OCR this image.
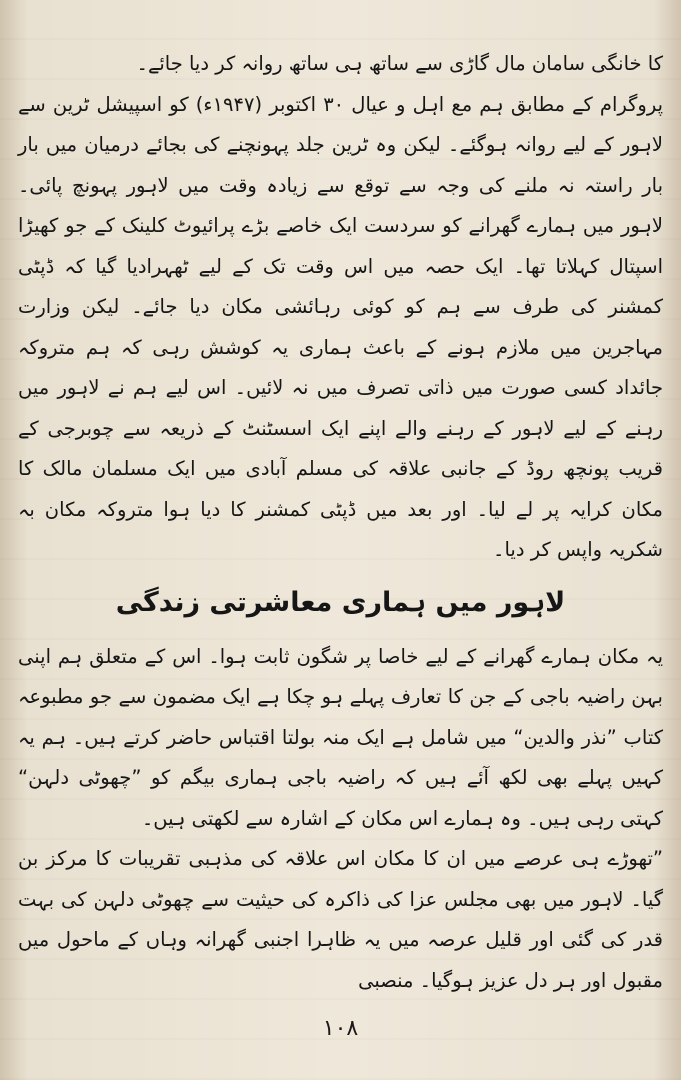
کا خانگی سامان مال گاڑی سے ساتھ ہی ساتھ روانہ کر دیا جائے۔

پروگرام کے مطابق ہم مع اہل و عیال ۳۰ اکتوبر (۱۹۴۷ء) کو اسپیشل ٹرین سے لاہور کے لیے روانہ ہوگئے۔ لیکن وہ ٹرین جلد پہونچنے کی بجائے درمیان میں بار بار راستہ نہ ملنے کی وجہ سے توقع سے زیادہ وقت میں لاہور پہونچ پائی۔ لاہور میں ہمارے گھرانے کو سردست ایک خاصے بڑے پرائیوٹ کلینک کے جو کھیڑا اسپتال کہلاتا تھا۔ ایک حصہ میں اس وقت تک کے لیے ٹھہرادیا گیا کہ ڈپٹی کمشنر کی طرف سے ہم کو کوئی رہائشی مکان دیا جائے۔ لیکن وزارت مہاجرین میں ملازم ہونے کے باعث ہماری یہ کوشش رہی کہ ہم متروکہ جائداد کسی صورت میں ذاتی تصرف میں نہ لائیں۔ اس لیے ہم نے لاہور میں رہنے کے لیے لاہور کے رہنے والے اپنے ایک اسسٹنٹ کے ذریعہ سے چوبرجی کے قریب پونچھ روڈ کے جانبی علاقہ کی مسلم آبادی میں ایک مسلمان مالک کا مکان کرایہ پر لے لیا۔ اور بعد میں ڈپٹی کمشنر کا دیا ہوا متروکہ مکان بہ شکریہ واپس کر دیا۔

لاہور میں ہماری معاشرتی زندگی

یہ مکان ہمارے گھرانے کے لیے خاصا پر شگون ثابت ہوا۔ اس کے متعلق ہم اپنی بہن راضیہ باجی کے جن کا تعارف پہلے ہو چکا ہے ایک مضمون سے جو مطبوعہ کتاب ”نذر والدین“ میں شامل ہے ایک منہ بولتا اقتباس حاضر کرتے ہیں۔ ہم یہ کہیں پہلے بھی لکھ آئے ہیں کہ راضیہ باجی ہماری بیگم کو ”چھوٹی دلہن“ کہتی رہی ہیں۔ وہ ہمارے اس مکان کے اشارہ سے لکھتی ہیں۔

”تھوڑے ہی عرصے میں ان کا مکان اس علاقہ کی مذہبی تقریبات کا مرکز بن گیا۔ لاہور میں بھی مجلس عزا کی ذاکرہ کی حیثیت سے چھوٹی دلہن کی بہت قدر کی گئی اور قلیل عرصہ میں یہ ظاہرا اجنبی گھرانہ وہاں کے ماحول میں مقبول اور ہر دل عزیز ہوگیا۔ منصبی

۱۰۸
